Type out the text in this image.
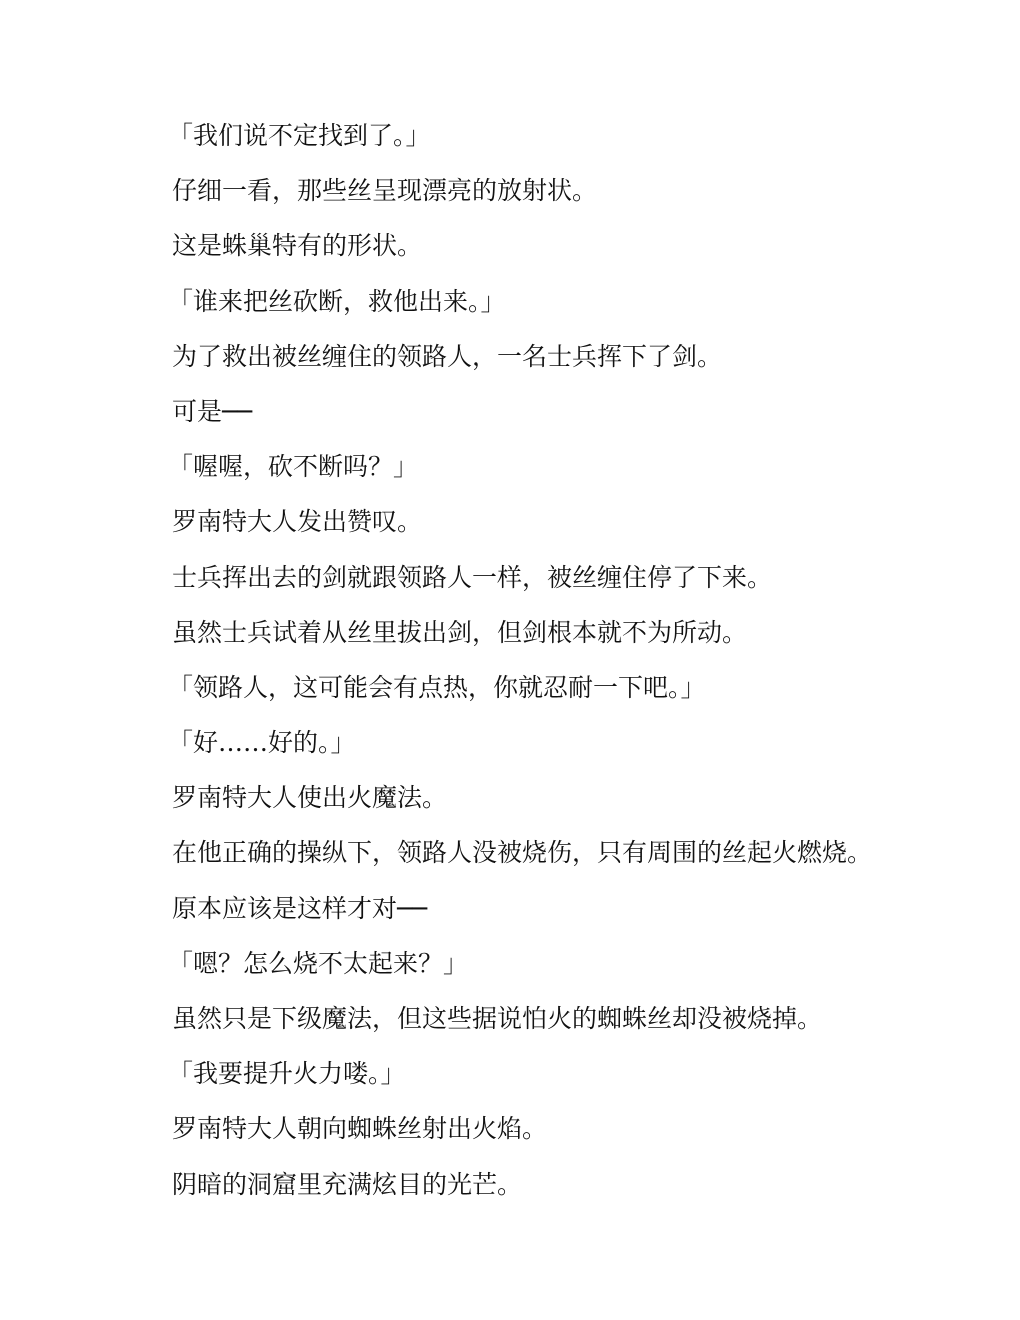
「我们说不定找到了。」

仔细一看，那些丝呈现漂亮的放射状。

这是蛛巢特有的形状。

「谁来把丝砍断，救他出来。」

为了救出被丝缠住的领路人，一名士兵挥下了剑。

可是──

「喔喔，砍不断吗？」

罗南特大人发出赞叹。

士兵挥出去的剑就跟领路人一样，被丝缠住停了下来。

虽然士兵试着从丝里拔出剑，但剑根本就不为所动。

「领路人，这可能会有点热，你就忍耐一下吧。」

「好……好的。」

罗南特大人使出火魔法。

在他正确的操纵下，领路人没被烧伤，只有周围的丝起火燃烧。

原本应该是这样才对──

「嗯？怎么烧不太起来？」

虽然只是下级魔法，但这些据说怕火的蜘蛛丝却没被烧掉。

「我要提升火力喽。」

罗南特大人朝向蜘蛛丝射出火焰。

阴暗的洞窟里充满炫目的光芒。
